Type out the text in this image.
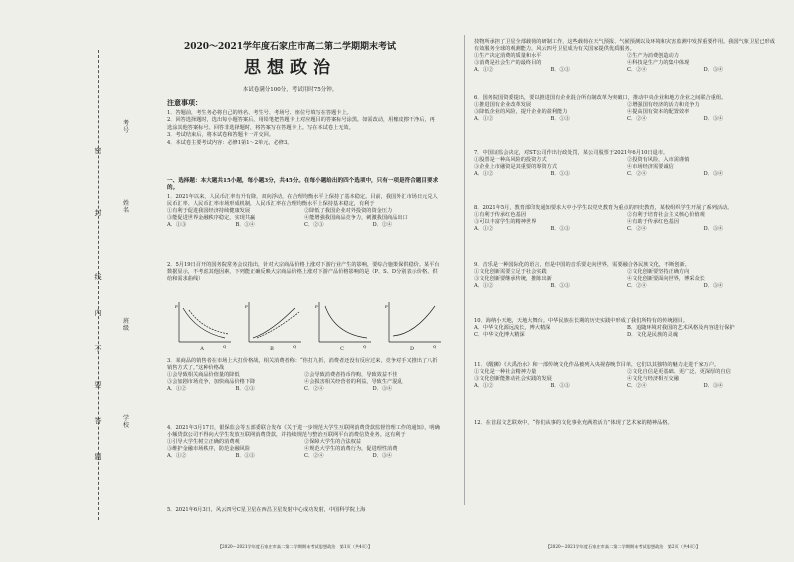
考号
姓名
班级
学校
密
封
线
内
不
要
答
题
2020～2021学年度石家庄市高二第二学期期末考试
思想政治
本试卷满分100分，考试用时75分钟。
注意事项：

1．答题前，考生务必将自己的姓名、考生号、考场号、座位号填写在答题卡上。

2．回答选择题时，选出每小题答案后，用铅笔把答题卡上对应题目的答案标号涂黑。如需改动，用橡皮擦干净后，再选涂其他答案标号。回答非选择题时，将答案写在答题卡上。写在本试卷上无效。

3．考试结束后，将本试卷和答题卡一并交回。

4．本试卷主要考试内容：必修1第1～2单元，必修3。

一、选择题：本大题共15小题，每小题3分，共45分。在每小题给出的四个选项中，只有一项是符合题目要求的。

1．2021年以来，人民币汇率有升有降，双向浮动，在合理均衡水平上保持了基本稳定。目前，我国外汇市场日元兑人民币汇率、人民币汇率市场形成机制，人民币汇率在合理均衡水平上保持基本稳定，有利于

①有利于促进我国经济持续健康发展	②降低了我国企业对外投资的资金压力
③能促进世界金融秩序稳定，实现共赢	④能增强我国商品竞争力，刺激我国商品出口
A．①③	B．①④	C．②③	D．②④

2．5月19日召开的国务院常务会议指出，针对大宗商品价格上涨对下游行业产生的影响，要综合施策保供稳价。某平台数据显示，不考虑其他因素，下列能正确反映大宗商品价格上涨对下游产品价格影响的是（P、S、D分别表示价格、供给和需求曲线）

P
Q
P
Q
P
Q
P
Q
A	B	C	D

3．某商品的销售者在市场上大打价格战，相关消费者称：“你打九折，消费者还没有反应过来，竞争对手又推出了八折销售方式了。”这种价格战

①会导致相关商品价值量的降低	②会导致消费者持币待购，导致效益不佳
③会加剧市场竞争，加快商品价格下降	④会损害相关经营者的利益，导致生产混乱
A．①②	B．①③	C．②④	D．③④

4．2021年3月17日，银保监会等五部委联合发布《关于进一步规范大学生互联网消费贷款监督管理工作的通知》，明确小额贷款公司不得向大学生发放互联网消费贷款，并持续规范与整治互联网平台消费信贷业务。这有利于

①引导大学生树立正确的消费观	②保障大学生的合法权益
③维护金融市场秩序，防范金融风险	④规范大学生的消费行为，促进理性消费
A．①②	B．①③	C．②④	D．③④

5．2021年6月3日，风云四号C星卫星在西昌卫星发射中心成功发射，中国科学院上海

【2020～2021学年度石家庄市高二第二学期期末考试思想政治　第1页（共4页）】

技物所承担了卫星全部载荷的研制工作，这些载荷在天气预报、气候预测以及环境和灾害监测中发挥重要作用。我国气象卫星已形成有效服务全球的观测能力，风云四号卫星成为有关国家提供优质服务。

①生产决定消费的质量和水平	②生产为消费创造动力
③消费是社会生产的最终目的	④科技是生产力的集中体现
A．①②	B．①③	C．②④	D．③④

6．国务院国资委提出，要以推进国有企业混合所有制改革为突破口，推动中央企业和地方企业之间联合重组。

①推进国有企业改革发展	②增强国有经济的活力和竞争力
③降低企业的风险，提升企业的盈利能力	④提高国有资本的配置效率
A．①②	B．①③	C．②④	D．③④

7．中国证监会决定，对ST公司作出行政处罚，某公司股票于2021年6月10日退市。

①股票是一种高风险的投资方式	②投资有风险，入市需谨慎
③企业上市融资是其重要的筹资方式	④市场经济需要诚信
A．①②	B．①③	C．②④	D．③④

8．2021年5月，教育部印发通知要求大中小学生以党史教育为重点的四史教育，某校组织学生开展了系列活动。

①有利于传承红色基因	②有利于培育社会主义核心价值观
③可以丰富学生的精神世界	④有助于传承红色基因
A．①②	B．①③	C．②④	D．③④

9．音乐是一种国际化的语言，但是中国的音乐要走向世界，需要融合各民族文化，不断创新。

①文化创新需要立足于社会实践	②文化创新要坚持正确方向
③文化创新要继承传统，推陈出新	④文化创新要面向世界，博采众长
A．①②	B．①③	C．②④	D．③④

10．海纳小天地，天地大舞台。中华民族在长期的历史实践中形成了我们所特有的传统剧目。

A．中华文化源远流长，博大精深	B．追随环境对我国的艺术风格及内容进行保护
C．中华文化博大精深	D．文化是民族的灵魂

11．《醒狮》《大禹治水》和一部传统文化作品被列入央视春晚节目单，它们以其独特的魅力走进千家万户。

①文化是一种社会精神力量	②文化自信是更基础、更广泛、更深厚的自信
③文化创新能推动社会实践的发展	④文化与经济相互交融
A．①②	B．①③	C．②④	D．③④

12．在首届文艺联欢中，“你们从事的文化事业充满着活力”体现了艺术家的精神品格。

【2020～2021学年度石家庄市高二第二学期期末考试思想政治　第2页（共4页）】
